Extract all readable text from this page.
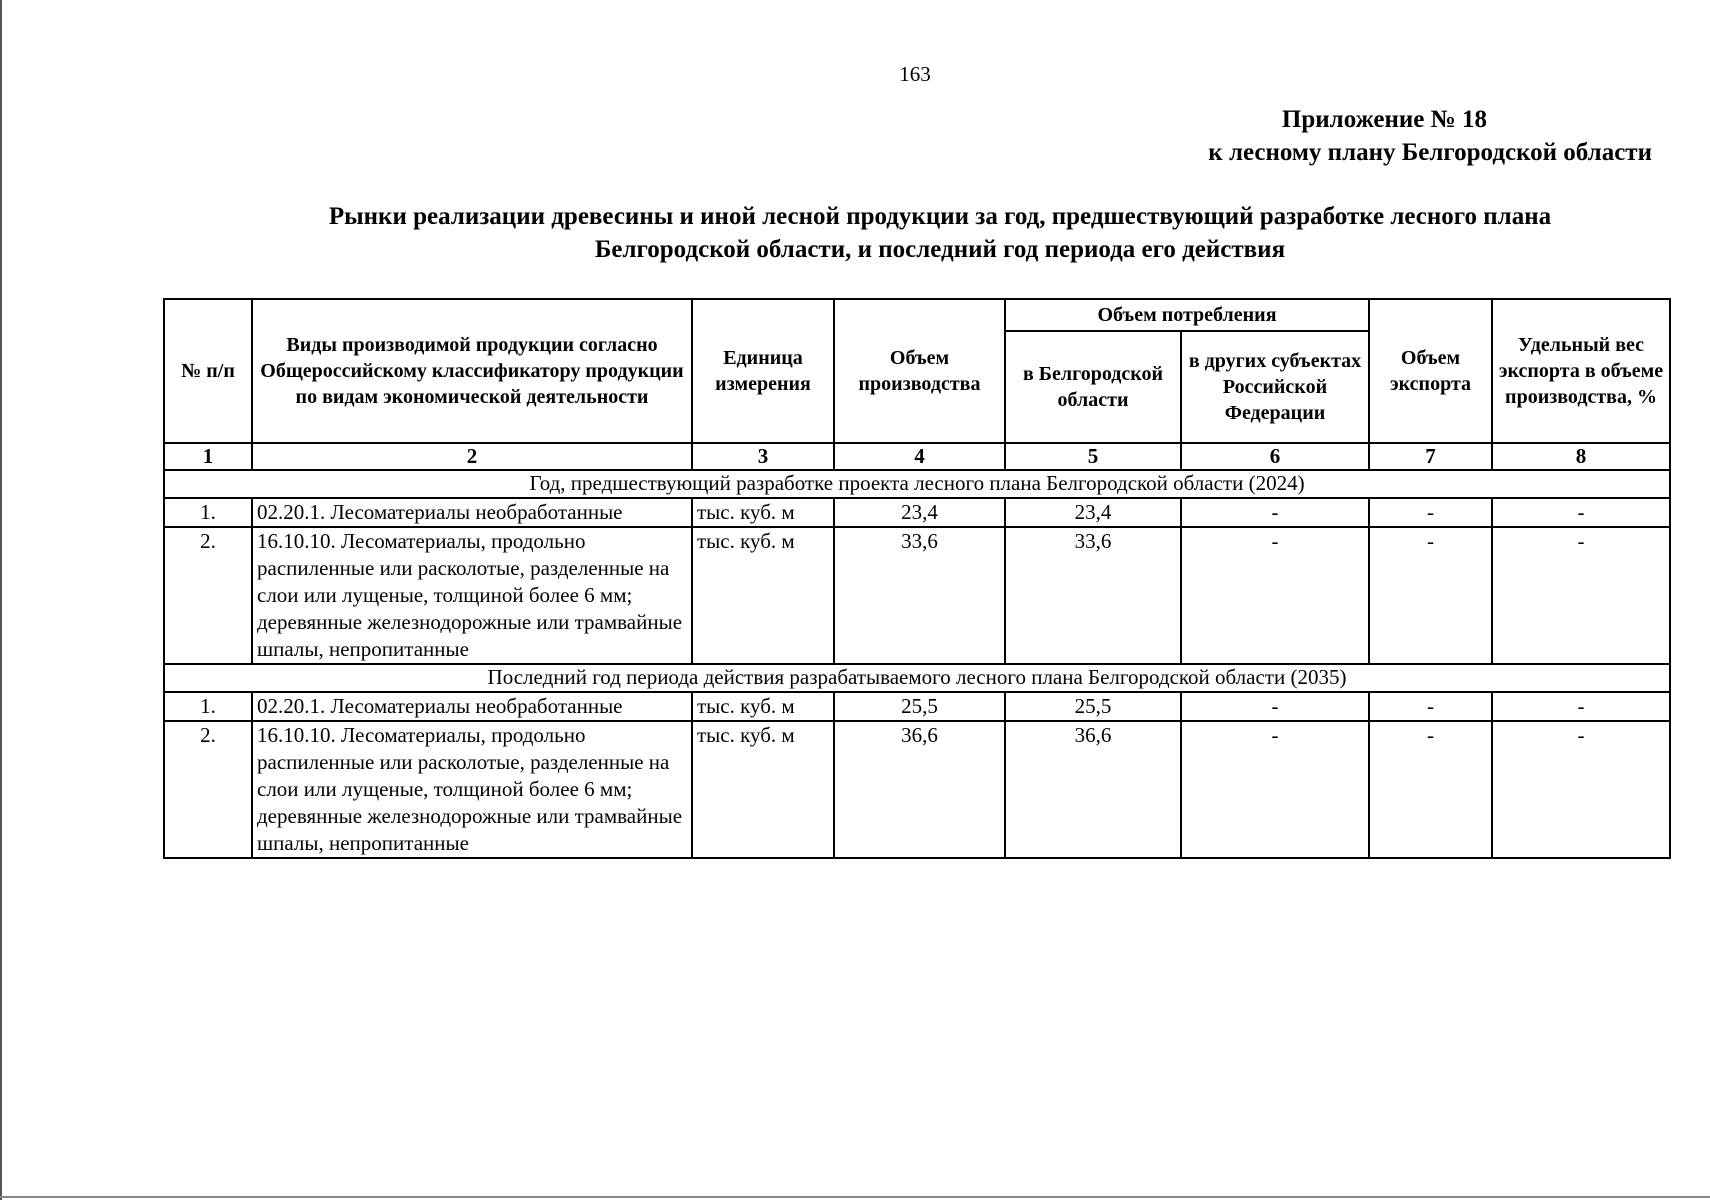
163
Приложение № 18
к лесному плану Белгородской области
Рынки реализации древесины и иной лесной продукции за год, предшествующий разработке лесного плана
Белгородской области, и последний год периода его действия
№ п/п	Виды производимой продукции согласно Общероссийскому классификатору продукции по видам экономической деятельности	Единица измерения	Объем производства	Объем потребления		Объем экспорта	Удельный вес экспорта в объеме производства, %
				в Белгородской области	в других субъектах Российской Федерации		
1	2	3	4	5	6	7	8
Год, предшествующий разработке проекта лесного плана Белгородской области (2024)							
1.	02.20.1. Лесоматериалы необработанные	тыс. куб. м	23,4	23,4	-	-	-
2.	16.10.10. Лесоматериалы, продольно распиленные или расколотые, разделенные на слои или лущеные, толщиной более 6 мм; деревянные железнодорожные или трамвайные шпалы, непропитанные	тыс. куб. м	33,6	33,6	-	-	-
Последний год периода действия разрабатываемого лесного плана Белгородской области (2035)							
1.	02.20.1. Лесоматериалы необработанные	тыс. куб. м	25,5	25,5	-	-	-
2.	16.10.10. Лесоматериалы, продольно распиленные или расколотые, разделенные на слои или лущеные, толщиной более 6 мм; деревянные железнодорожные или трамвайные шпалы, непропитанные	тыс. куб. м	36,6	36,6	-	-	-
